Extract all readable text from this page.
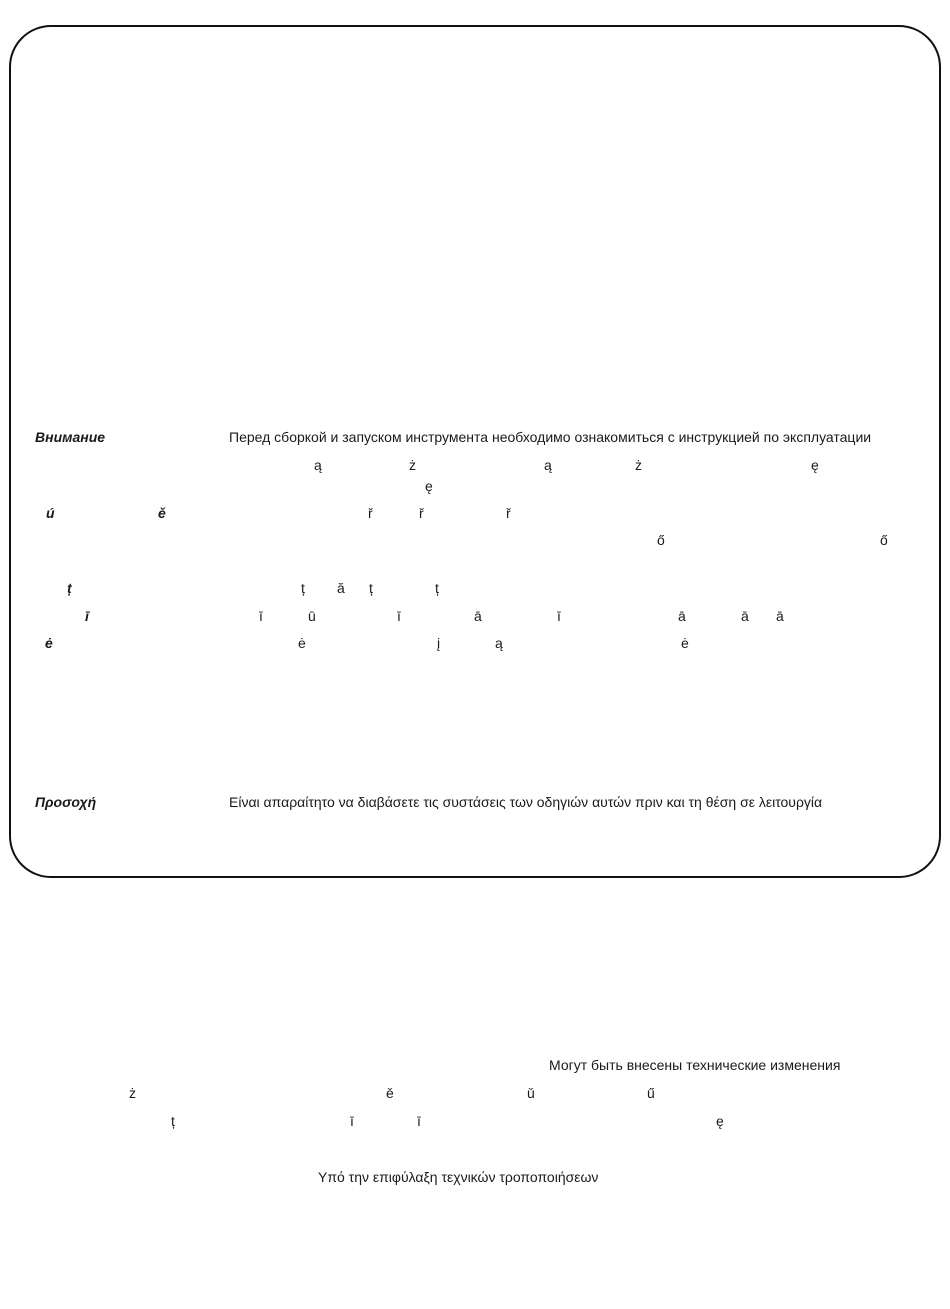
Внимание	Перед сборкой и запуском инструмента необходимо ознакомиться с инструкцией по эксплуатации
ą	ż	ą	ż	ę
ę
ú	ě	ř	ř	ř
ő	ő
ț	ț ă ț	ț
ī	ī	ū	ī	ā	ī	ā	ā ā
ė	ė	į	ą	ė
Προσοχή	Είναι απαραίτητο να διαβάσετε τις συστάσεις των οδηγιών αυτών πριν και τη θέση σε λειτουργία
Могут быть внесены технические изменения
ż	ě	ǔ	ű
ț	ī	ī	ę
Υπό την επιφύλαξη τεχνικών τροποποιήσεων
